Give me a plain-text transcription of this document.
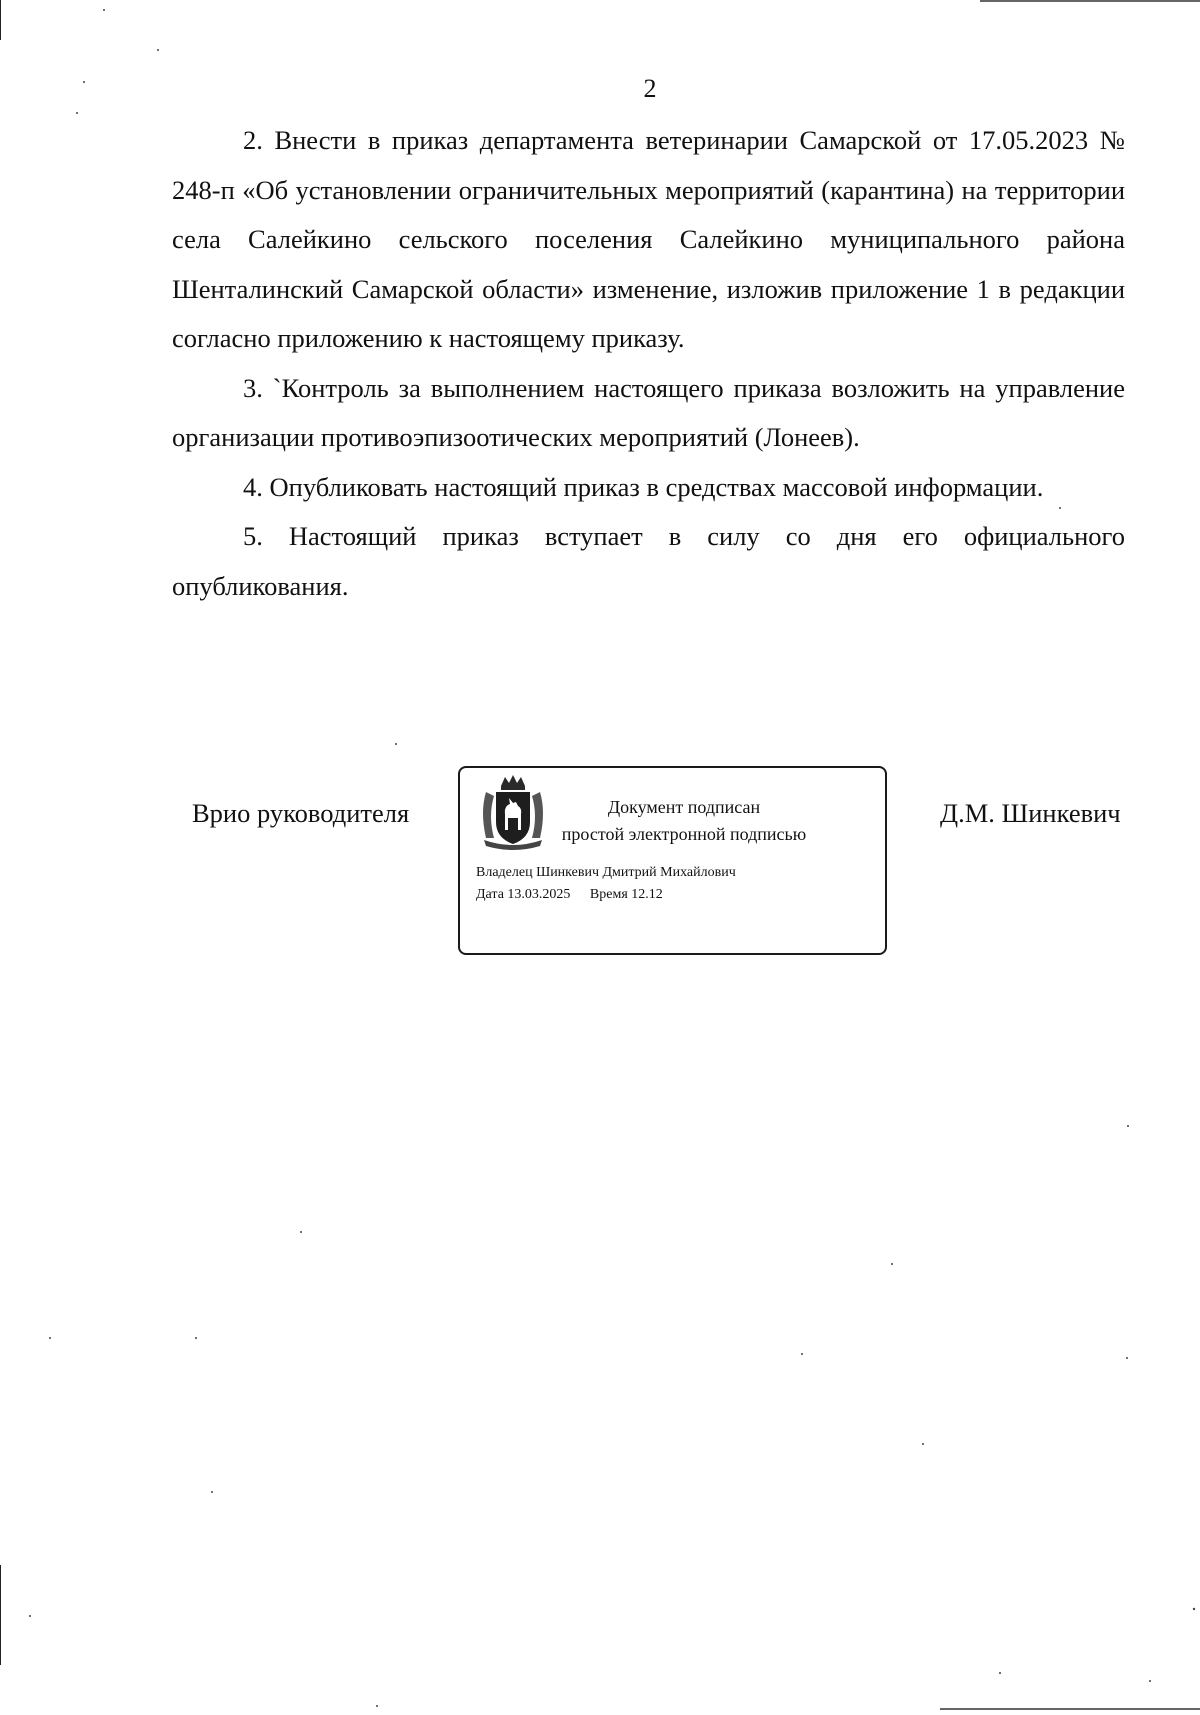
2

2. Внести в приказ департамента ветеринарии Самарской от 17.05.2023 № 248-п «Об установлении ограничительных мероприятий (карантина) на территории села Салейкино сельского поселения Салейкино муниципального района Шенталинский Самарской области» изменение, изложив приложение 1 в редакции согласно приложению к настоящему приказу.

3. `Контроль за выполнением настоящего приказа возложить на управление организации противоэпизоотических мероприятий (Лонеев).

4. Опубликовать настоящий приказ в средствах массовой информации.

5. Настоящий приказ вступает в силу со дня его официального опубликования.

Врио руководителя	Документ подписан
простой электронной подписью
Владелец Шинкевич Дмитрий Михайлович
Дата 13.03.2025 Время 12.12
Д.М. Шинкевич
